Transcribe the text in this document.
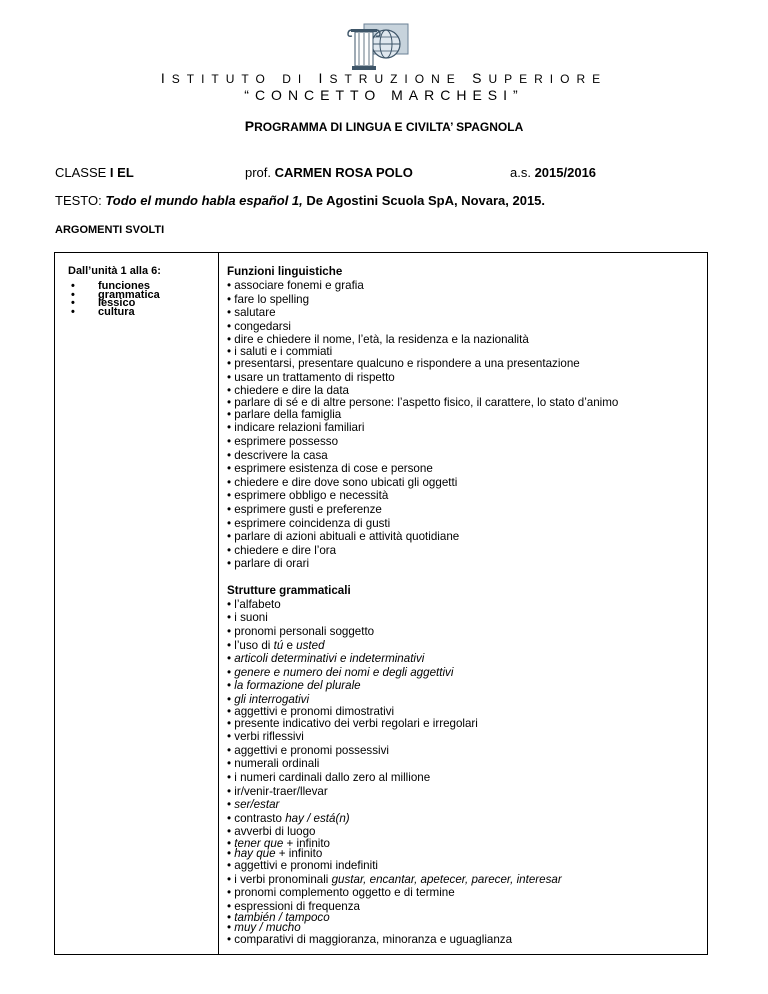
ISTITUTO DI ISTRUZIONE SUPERIORE
“CONCETTO MARCHESI”
PROGRAMMA DI LINGUA E CIVILTA’ SPAGNOLA
CLASSE I EL	prof. CARMEN ROSA POLO	a.s. 2015/2016
TESTO: Todo el mundo habla español 1, De Agostini Scuola SpA, Novara, 2015.
ARGOMENTI SVOLTI
Dall’unità 1 alla 6:
• funciones
• grammatica
• lessico
• cultura
Funzioni linguistiche
• associare fonemi e grafia
• fare lo spelling
• salutare
• congedarsi
• dire e chiedere il nome, l’età, la residenza e la nazionalità
• i saluti e i commiati
• presentarsi, presentare qualcuno e rispondere a una presentazione
• usare un trattamento di rispetto
• chiedere e dire la data
• parlare di sé e di altre persone: l’aspetto fisico, il carattere, lo stato d’animo
• parlare della famiglia
• indicare relazioni familiari
• esprimere possesso
• descrivere la casa
• esprimere esistenza di cose e persone
• chiedere e dire dove sono ubicati gli oggetti
• esprimere obbligo e necessità
• esprimere gusti e preferenze
• esprimere coincidenza di gusti
• parlare di azioni abituali e attività quotidiane
• chiedere e dire l’ora
• parlare di orari
Strutture grammaticali
• l’alfabeto
• i suoni
• pronomi personali soggetto
• l’uso di tú e usted
• articoli determinativi e indeterminativi
• genere e numero dei nomi e degli aggettivi
• la formazione del plurale
• gli interrogativi
• aggettivi e pronomi dimostrativi
• presente indicativo dei verbi regolari e irregolari
• verbi riflessivi
• aggettivi e pronomi possessivi
• numerali ordinali
• i numeri cardinali dallo zero al millione
• ir/venir-traer/llevar
• ser/estar
• contrasto hay / está(n)
• avverbi di luogo
• tener que + infinito
• hay que + infinito
• aggettivi e pronomi indefiniti
• i verbi pronominali gustar, encantar, apetecer, parecer, interesar
• pronomi complemento oggetto e di termine
• espressioni di frequenza
• también / tampoco
• muy / mucho
• comparativi di maggioranza, minoranza e uguaglianza
